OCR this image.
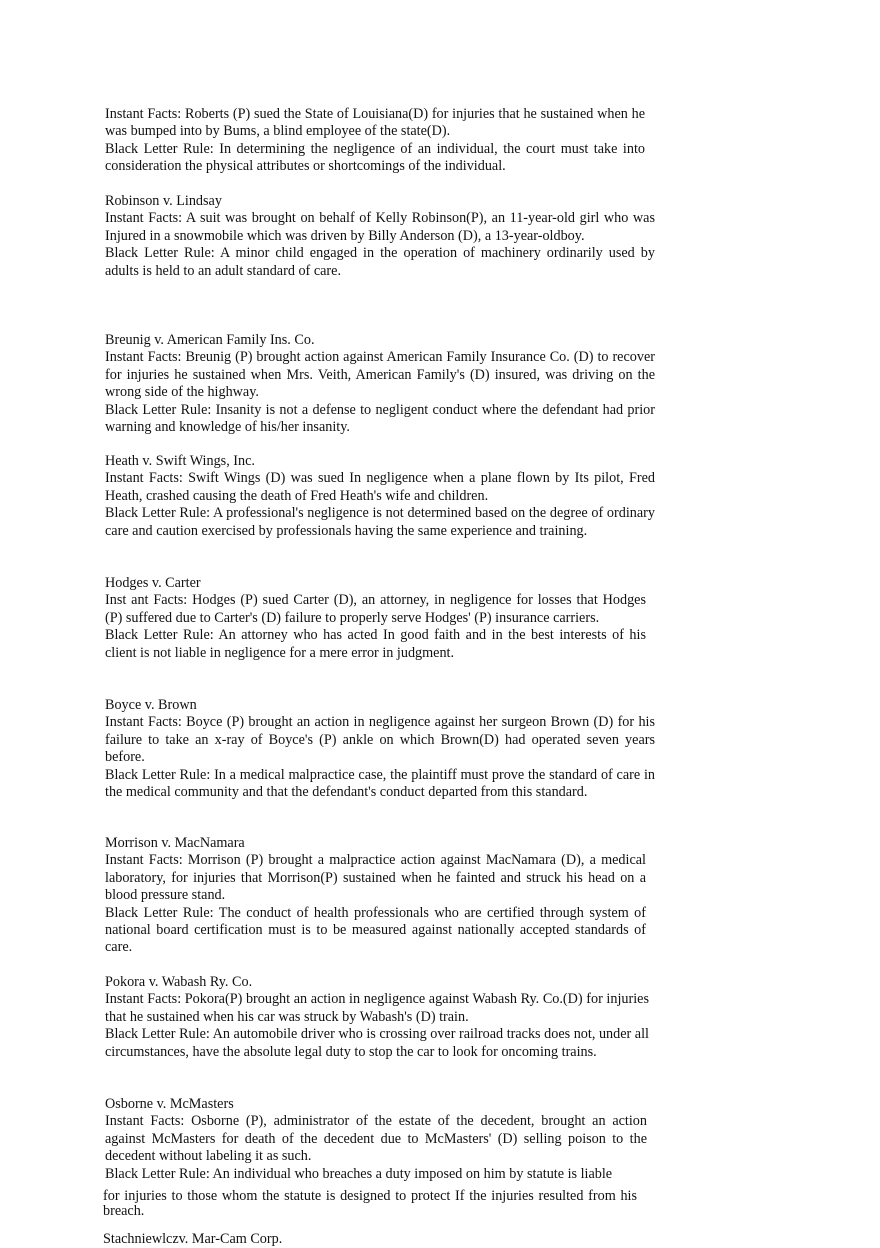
Instant Facts: Roberts (P) sued the State of Louisiana(D) for injuries that he sustained when he was bumped into by Bums, a blind employee of the state(D).

Black Letter Rule: In determining the negligence of an individual, the court must take into consideration the physical attributes or shortcomings of the individual.

Robinson v. Lindsay

Instant Facts: A suit was brought on behalf of Kelly Robinson(P), an 11-year-old girl who was Injured in a snowmobile which was driven by Billy Anderson (D), a 13-year-oldboy.

Black Letter Rule: A minor child engaged in the operation of machinery ordinarily used by adults is held to an adult standard of care.

Breunig v. American Family Ins. Co.

Instant Facts: Breunig (P) brought action against American Family Insurance Co. (D) to recover for injuries he sustained when Mrs. Veith, American Family's (D) insured, was driving on the wrong side of the highway.

Black Letter Rule: Insanity is not a defense to negligent conduct where the defendant had prior warning and knowledge of his/her insanity.

Heath v. Swift Wings, Inc.

Instant Facts: Swift Wings (D) was sued In negligence when a plane flown by Its pilot, Fred Heath, crashed causing the death of Fred Heath's wife and children.

Black Letter Rule: A professional's negligence is not determined based on the degree of ordinary care and caution exercised by professionals having the same experience and training.

Hodges v. Carter

Inst ant Facts: Hodges (P) sued Carter (D), an attorney, in negligence for losses that Hodges (P) suffered due to Carter's (D) failure to properly serve Hodges' (P) insurance carriers.

Black Letter Rule: An attorney who has acted In good faith and in the best interests of his client is not liable in negligence for a mere error in judgment.

Boyce v. Brown

Instant Facts: Boyce (P) brought an action in negligence against her surgeon Brown (D) for his failure to take an x-ray of Boyce's (P) ankle on which Brown(D) had operated seven years before.

Black Letter Rule: In a medical malpractice case, the plaintiff must prove the standard of care in the medical community and that the defendant's conduct departed from this standard.

Morrison v. MacNamara

Instant Facts: Morrison (P) brought a malpractice action against MacNamara (D), a medical laboratory, for injuries that Morrison(P) sustained when he fainted and struck his head on a blood pressure stand.

Black Letter Rule: The conduct of health professionals who are certified through system of national board certification must is to be measured against nationally accepted standards of care.

Pokora v. Wabash Ry. Co.

Instant Facts: Pokora(P) brought an action in negligence against Wabash Ry. Co.(D) for injuries that he sustained when his car was struck by Wabash's (D) train.

Black Letter Rule: An automobile driver who is crossing over railroad tracks does not, under all circumstances, have the absolute legal duty to stop the car to look for oncoming trains.

Osborne v. McMasters

Instant Facts: Osborne (P), administrator of the estate of the decedent, brought an action against McMasters for death of the decedent due to McMasters' (D) selling poison to the decedent without labeling it as such.

Black Letter Rule: An individual who breaches a duty imposed on him by statute is liable

for injuries to those whom the statute is designed to protect If the injuries resulted from his breach.

Stachniewlczv. Mar-Cam Corp.
